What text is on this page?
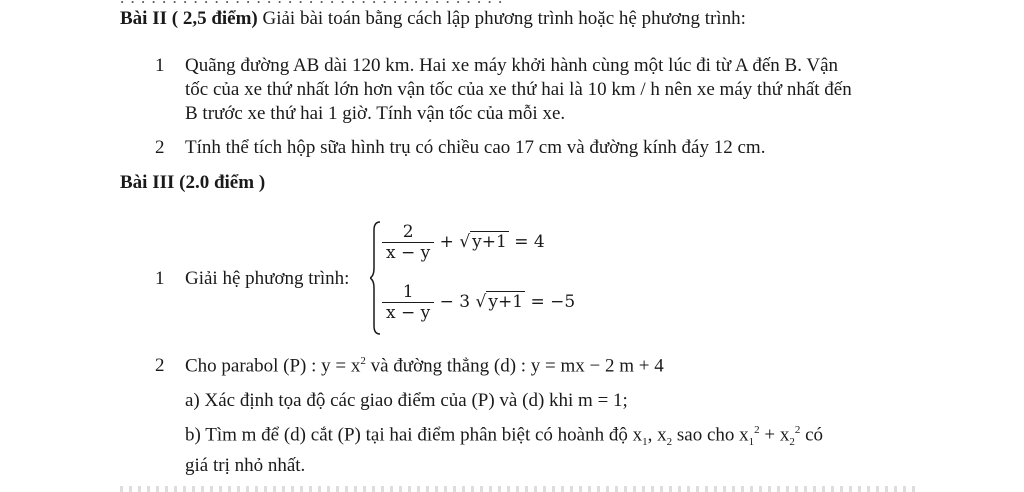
Bài II ( 2,5 điểm) Giải bài toán bằng cách lập phương trình hoặc hệ phương trình:
1 Quãng đường AB dài 120 km. Hai xe máy khởi hành cùng một lúc đi từ A đến B. Vận
tốc của xe thứ nhất lớn hơn vận tốc của xe thứ hai là 10 km / h nên xe máy thứ nhất đến
B trước xe thứ hai 1 giờ. Tính vận tốc của mỗi xe.
2 Tính thể tích hộp sữa hình trụ có chiều cao 17 cm và đường kính đáy 12 cm.
Bài III (2.0 điểm )
1 Giải hệ phương trình:
$\frac{2}{x - y}$ + √ y+1 = 4
$\frac{1}{x - y} - 3$ √ y+1 = −5
2 Cho parabol (P) : $y = x^2$ và đường thẳng (d) : y = mx − 2 m + 4
a) Xác định tọa độ các giao điểm của (P) và (d) khi m = 1;
b) Tìm m để (d) cắt (P) tại hai điểm phân biệt có hoành độ $x_1$, $x_2$ sao cho $x_1^2 + x_2^2$ có
giá trị nhỏ nhất.
